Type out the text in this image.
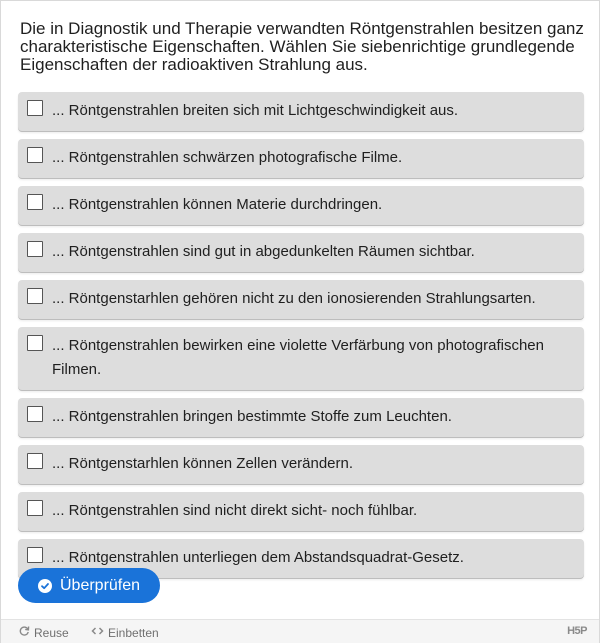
Die in Diagnostik und Therapie verwandten Röntgenstrahlen besitzen ganz charakteristische Eigenschaften. Wählen Sie siebenrichtige grundlegende Eigenschaften der radioaktiven Strahlung aus.
... Röntgenstrahlen breiten sich mit Lichtgeschwindigkeit aus.
... Röntgenstrahlen schwärzen photografische Filme.
... Röntgenstrahlen können Materie durchdringen.
... Röntgenstrahlen sind gut in abgedunkelten Räumen sichtbar.
... Röntgenstarhlen gehören nicht zu den ionosierenden Strahlungsarten.
... Röntgenstrahlen bewirken eine violette Verfärbung von photografischen Filmen.
... Röntgenstrahlen bringen bestimmte Stoffe zum Leuchten.
... Röntgenstarhlen können Zellen verändern.
... Röntgenstrahlen sind nicht direkt sicht- noch fühlbar.
... Röntgenstrahlen unterliegen dem Abstandsquadrat-Gesetz.
Überprüfen
Reuse	Einbetten	H5P
